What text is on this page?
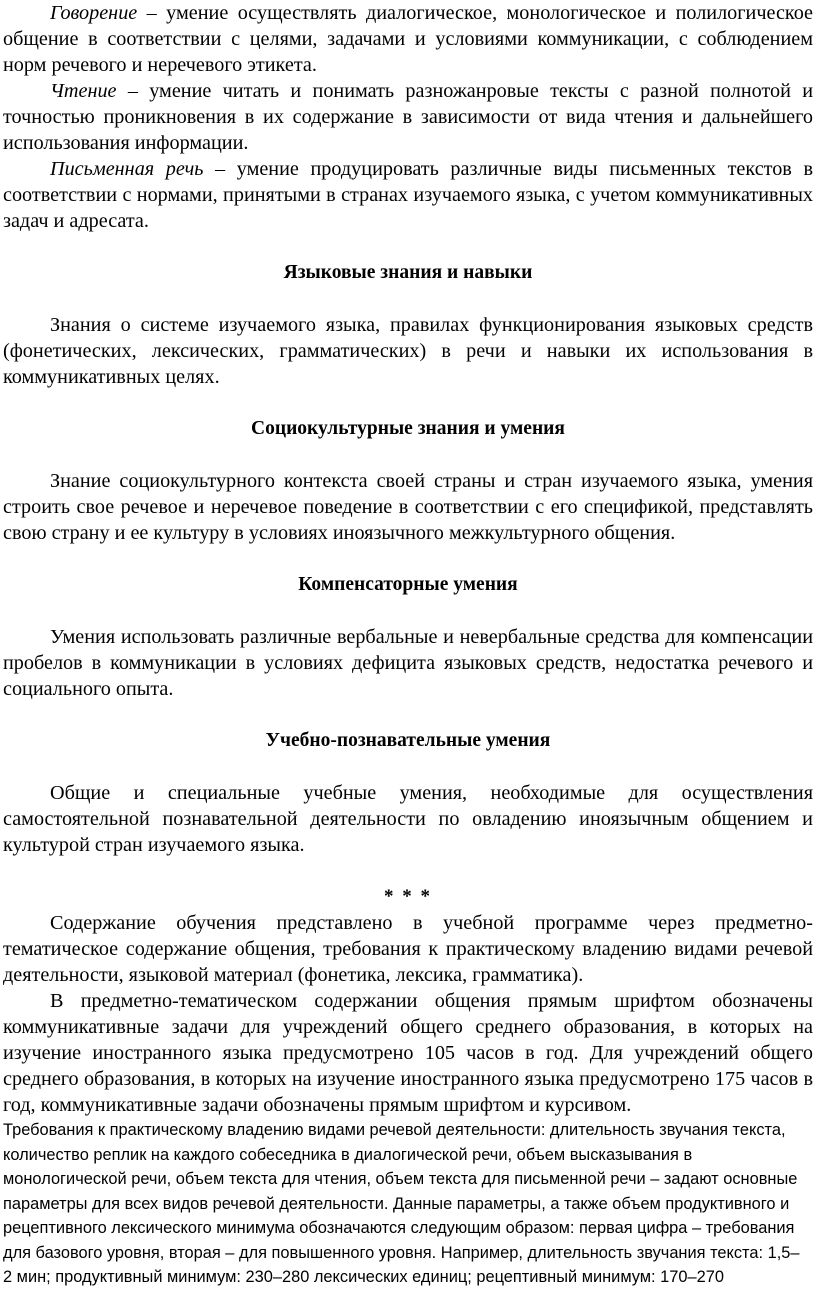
Говорение – умение осуществлять диалогическое, монологическое и полилогическое общение в соответствии с целями, задачами и условиями коммуникации, с соблюдением норм речевого и неречевого этикета.

Чтение – умение читать и понимать разножанровые тексты с разной полнотой и точностью проникновения в их содержание в зависимости от вида чтения и дальнейшего использования информации.

Письменная речь – умение продуцировать различные виды письменных текстов в соответствии с нормами, принятыми в странах изучаемого языка, с учетом коммуникативных задач и адресата.

Языковые знания и навыки

Знания о системе изучаемого языка, правилах функционирования языковых средств (фонетических, лексических, грамматических) в речи и навыки их использования в коммуникативных целях.

Социокультурные знания и умения

Знание социокультурного контекста своей страны и стран изучаемого языка, умения строить свое речевое и неречевое поведение в соответствии с его спецификой, представлять свою страну и ее культуру в условиях иноязычного межкультурного общения.

Компенсаторные умения

Умения использовать различные вербальные и невербальные средства для компенсации пробелов в коммуникации в условиях дефицита языковых средств, недостатка речевого и социального опыта.

Учебно-познавательные умения

Общие и специальные учебные умения, необходимые для осуществления самостоятельной познавательной деятельности по овладению иноязычным общением и культурой стран изучаемого языка.

* * *

Содержание обучения представлено в учебной программе через предметно-тематическое содержание общения, требования к практическому владению видами речевой деятельности, языковой материал (фонетика, лексика, грамматика).

В предметно-тематическом содержании общения прямым шрифтом обозначены коммуникативные задачи для учреждений общего среднего образования, в которых на изучение иностранного языка предусмотрено 105 часов в год. Для учреждений общего среднего образования, в которых на изучение иностранного языка предусмотрено 175 часов в год, коммуникативные задачи обозначены прямым шрифтом и курсивом.

Требования к практическому владению видами речевой деятельности: длительность звучания текста, количество реплик на каждого собеседника в диалогической речи, объем высказывания в монологической речи, объем текста для чтения, объем текста для письменной речи – задают основные параметры для всех видов речевой деятельности. Данные параметры, а также объем продуктивного и рецептивного лексического минимума обозначаются следующим образом: первая цифра – требования для базового уровня, вторая – для повышенного уровня. Например, длительность звучания текста: 1,5–2 мин; продуктивный минимум: 230–280 лексических единиц; рецептивный минимум: 170–270
